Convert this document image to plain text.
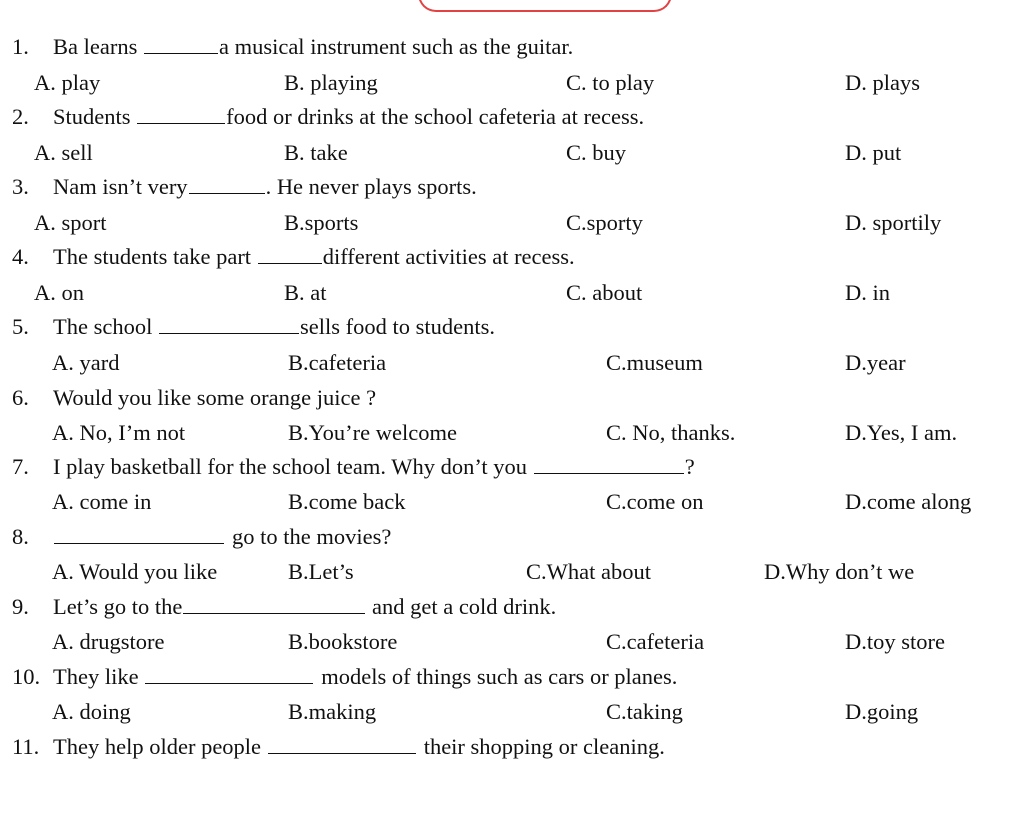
1. Ba learns	a musical instrument such as the guitar.
A. play	B. playing	C. to play	D. plays
2. Students	food or drinks at the school cafeteria at recess.
A. sell	B. take	C. buy	D. put
3. Nam isn’t very	. He never plays sports.
A. sport	B.sports	C.sporty	D. sportily
4. The students take part	different activities at recess.
A. on	B. at	C. about	D. in
5. The school	sells food to students.
A. yard	B.cafeteria	C.museum	D.year
6. Would you like some orange juice ?
A. No, I’m not	B.You’re welcome	C. No, thanks.	D.Yes, I am.
7. I play basketball for the school team. Why don’t you	?
A. come in	B.come back	C.come on	D.come along
8.	go to the movies?
A. Would you like	B.Let’s	C.What about	D.Why don’t we
9. Let’s go to the	and get a cold drink.
A. drugstore	B.bookstore	C.cafeteria	D.toy store
10. They like	models of things such as cars or planes.
A. doing	B.making	C.taking	D.going
11. They help older people	their shopping or cleaning.
